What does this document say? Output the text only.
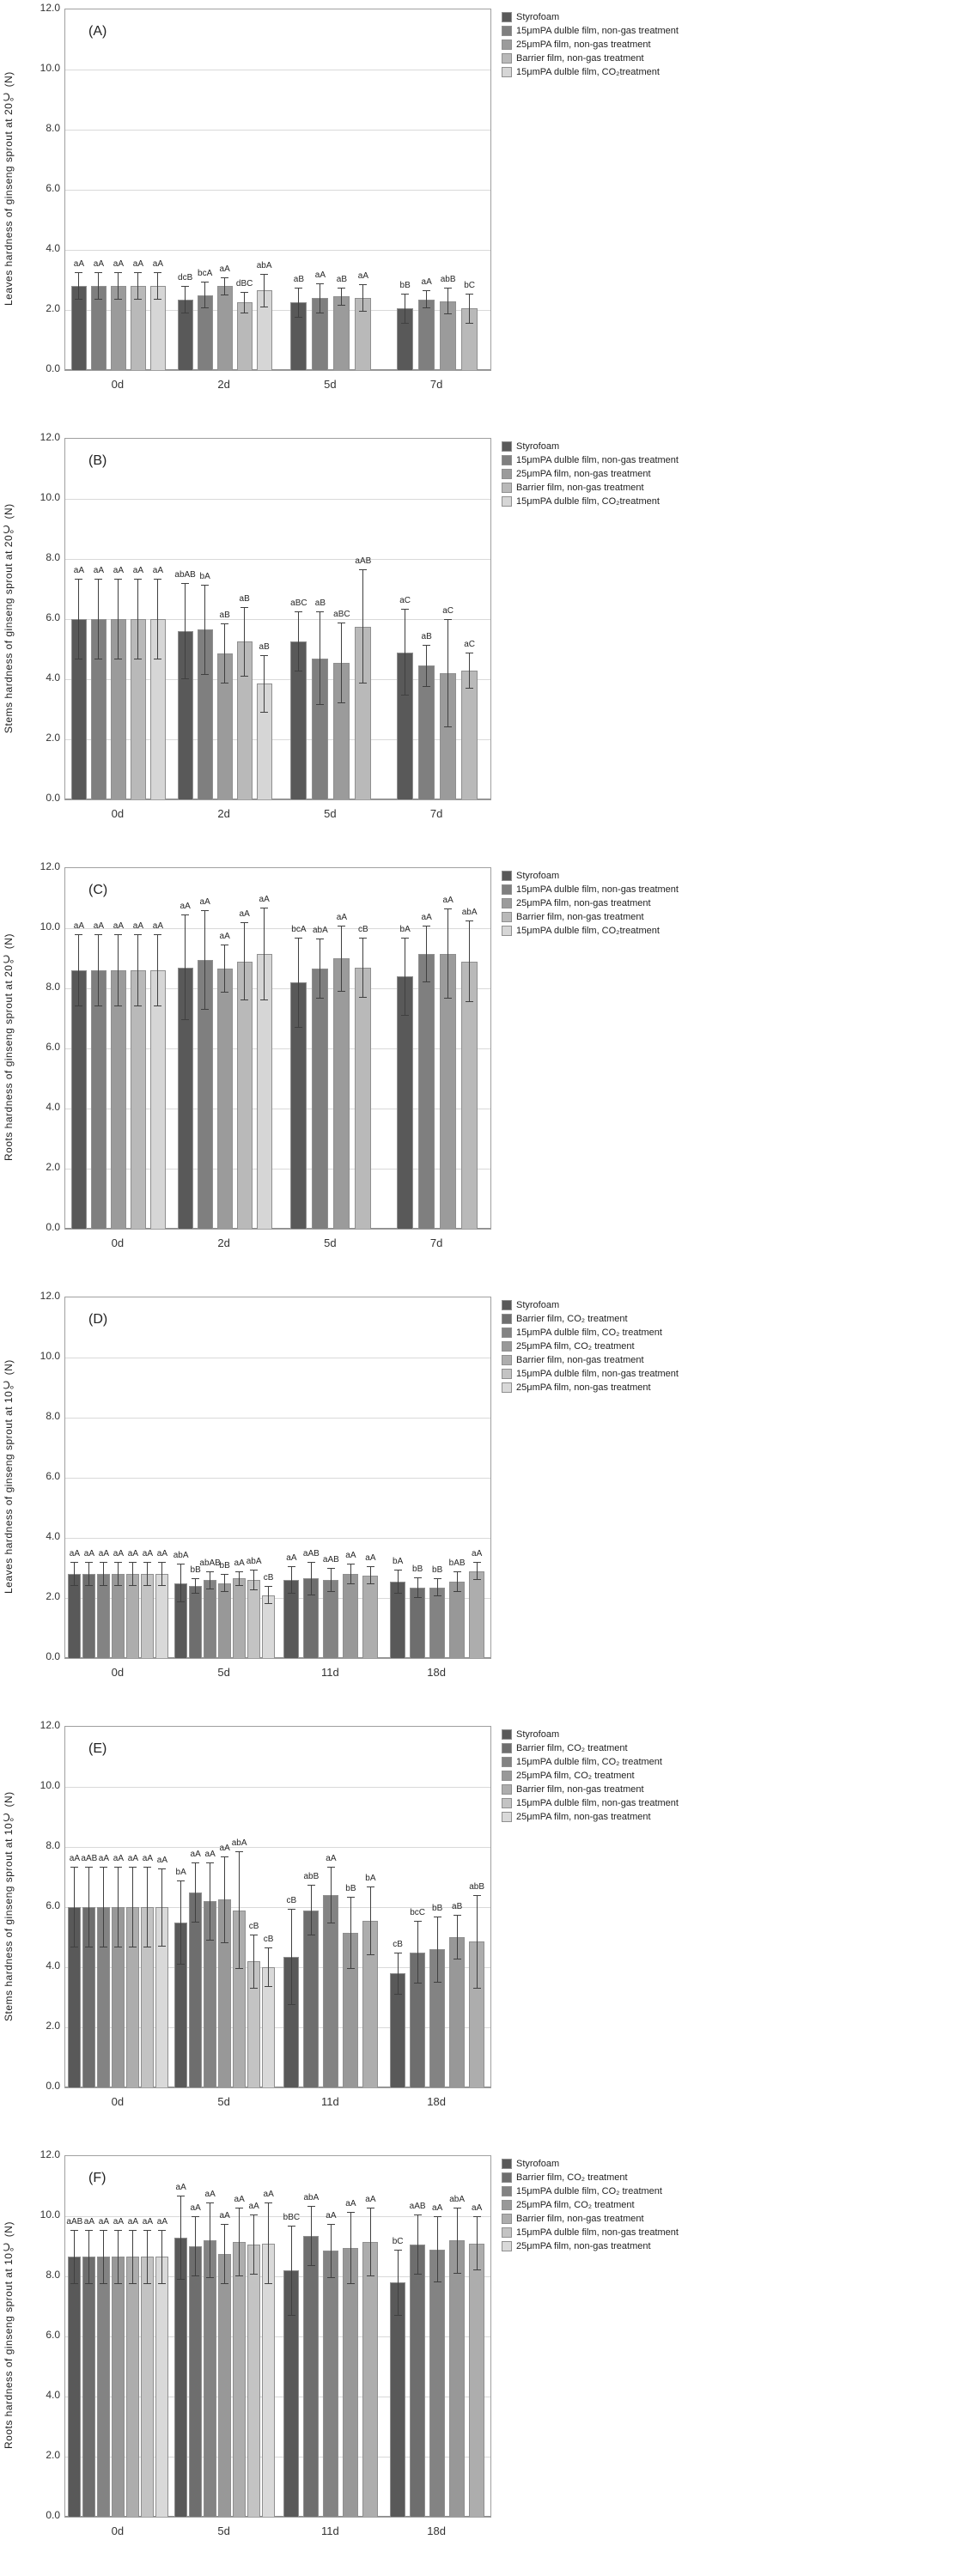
Leaves hardness of ginseng sprout at 20℃ (N)	aA aA aA aA aA
dcB bcA aA
dBC
abA
aB aA aB aA
bB aA abB
bC
0.0
2.0
4.0
6.0
8.0
10.0
12.0
0d	2d	5d	7d
(A)
Styrofoam
15μmPA dulble film, non-gas treatment
25μmPA film, non-gas treatment
Barrier film, non-gas treatment
15μmPA dulble film, CO₂treatment
Stems hardness of ginseng sprout at 20℃ (N)	aA aA aA aA aA abAB bA
aB
aB
aB
aBC aB
aBC
aAB
aC
aB
aC
aC
0.0
2.0
4.0
6.0
8.0
10.0
12.0
0d	2d	5d	7d
(B)
Styrofoam
15μmPA dulble film, non-gas treatment
25μmPA film, non-gas treatment
Barrier film, non-gas treatment
15μmPA dulble film, CO₂treatment
Roots hardness of ginseng sprout at 20℃ (N)
aA aA aA aA aA
aA aA
aA
aA
aA
bcA abA
aA
cB	bA
aA
aA
abA
0.0
2.0
4.0
6.0
8.0
10.0
12.0
0d	2d	5d	7d
(C)
Styrofoam
15μmPA dulble film, non-gas treatment
25μmPA film, non-gas treatment
Barrier film, non-gas treatment
15μmPA dulble film, CO₂treatment
Leaves hardness of ginseng sprout at 10℃ (N)	aA aA aA aA aA aA aA abA
bB
abAB
bB aA abA
cB
aA aAB
aAB aA aA bA
bB bB
bAB
aA
0.0
2.0
4.0
6.0
8.0
10.0
12.0
0d	5d	11d	18d
(D)
Styrofoam
Barrier film, CO₂ treatment
15μmPA dulble film, CO₂ treatment
25μmPA film, CO₂ treatment
Barrier film, non-gas treatment
15μmPA dulble film, non-gas treatment
25μmPA film, non-gas treatment
Stems hardness of ginseng sprout at 10℃ (N)	aA aAB aA aA aA aA aA
bA
aA aA
aA abA
cB
cB
cB
abB
aA
bB
bA
cB
bcC bB aB
abB
0.0
2.0
4.0
6.0
8.0
10.0
12.0
0d	5d	11d	18d
(E)
Styrofoam
Barrier film, CO₂ treatment
15μmPA dulble film, CO₂ treatment
25μmPA film, CO₂ treatment
Barrier film, non-gas treatment
15μmPA dulble film, non-gas treatment
25μmPA film, non-gas treatment
Roots hardness of ginseng sprout at 10℃ (N)
aAB aA aA aA aA aA aA
aA
aA
aA
aA
aA
aA
aA
bBC
abA
aA
aA aA
bC
aAB aA
abA
aA
0.0
2.0
4.0
6.0
8.0
10.0
12.0
0d	5d	11d	18d
(F)
Styrofoam
Barrier film, CO₂ treatment
15μmPA dulble film, CO₂ treatment
25μmPA film, CO₂ treatment
Barrier film, non-gas treatment
15μmPA dulble film, non-gas treatment
25μmPA film, non-gas treatment
